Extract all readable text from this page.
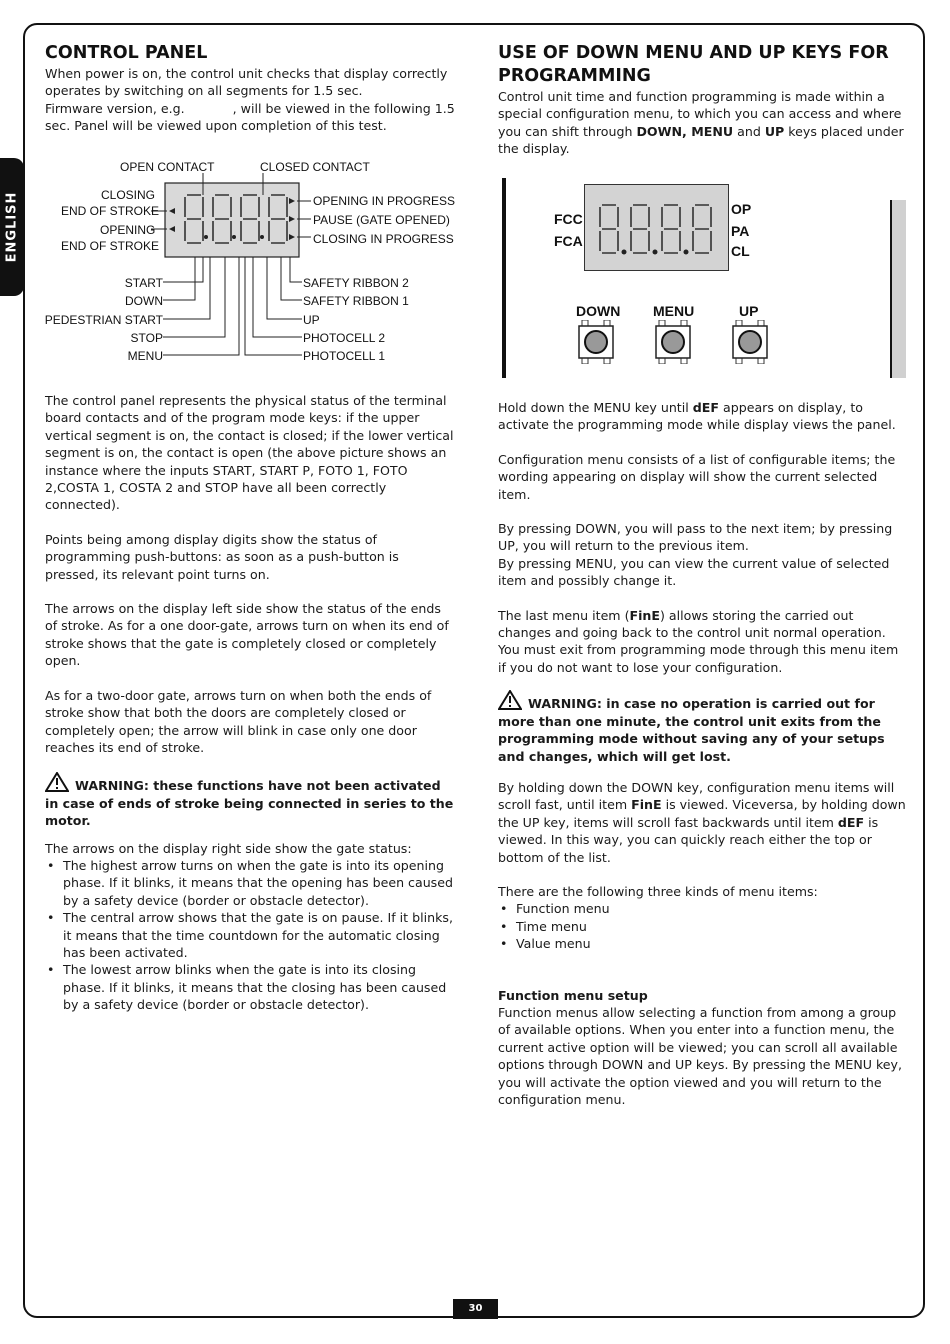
ENGLISH
CONTROL PANEL

When power is on, the control unit checks that display correctly operates by switching on all segments for 1.5 sec.

Firmware version, e.g.            , will be viewed in the following 1.5 sec. Panel will be viewed upon completion of this test.

OPEN CONTACT	CLOSED CONTACT
CLOSING
END OF STROKE
OPENING
END OF STROKE
OPENING IN PROGRESS
PAUSE (GATE OPENED)
CLOSING IN PROGRESS
START
DOWN
PEDESTRIAN START
STOP
MENU
SAFETY RIBBON 2
SAFETY RIBBON 1
UP
PHOTOCELL 2
PHOTOCELL 1

The control panel represents the physical status of the terminal board contacts and of the program mode keys: if the upper vertical segment is on, the contact is closed; if the lower vertical segment is on, the contact is open (the above picture shows an instance where the inputs START, START P, FOTO 1, FOTO 2,COSTA 1, COSTA 2 and STOP have all been correctly connected).

Points being among display digits show the status of programming push-buttons: as soon as a push-button is pressed, its relevant point turns on.

The arrows on the display left side show the status of the ends of stroke. As for a one door-gate, arrows turn on when its end of stroke shows that the gate is completely closed or completely open.

As for a two-door gate, arrows turn on when both the ends of stroke show that both the doors are completely closed or completely open; the arrow will blink in case only one door reaches its end of stroke.

WARNING: these functions have not been activated in case of ends of stroke being connected in series to the motor.

The arrows on the display right side show the gate status:

• The highest arrow turns on when the gate is into its opening phase. If it blinks, it means that the opening has been caused by a safety device (border or obstacle detector).
• The central arrow shows that the gate is on pause. If it blinks, it means that the time countdown for the automatic closing has been activated.
• The lowest arrow blinks when the gate is into its closing phase. If it blinks, it means that the closing has been caused by a safety device (border or obstacle detector).
USE OF DOWN MENU AND UP KEYS FOR PROGRAMMING

Control unit time and function programming is made within a special configuration menu, to which you can access and where you can shift through DOWN, MENU and UP keys placed under the display.

FCC
FCA
OP
PA
CL
DOWN MENU	UP

Hold down the MENU key until dEF appears on display, to activate the programming mode while display views the panel.

Configuration menu consists of a list of configurable items; the wording appearing on display will show the current selected item.

By pressing DOWN, you will pass to the next item; by pressing UP, you will return to the previous item.

By pressing MENU, you can view the current value of selected item and possibly change it.

The last menu item (FinE) allows storing the carried out changes and going back to the control unit normal operation. You must exit from programming mode through this menu item if you do not want to lose your configuration.

WARNING: in case no operation is carried out for more than one minute, the control unit exits from the programming mode without saving any of your setups and changes, which will get lost.

By holding down the DOWN key, configuration menu items will scroll fast, until item FinE is viewed. Viceversa, by holding down the UP key, items will scroll fast backwards until item dEF is viewed. In this way, you can quickly reach either the top or bottom of the list.

There are the following three kinds of menu items:

• Function menu
• Time menu
• Value menu

Function menu setup

Function menus allow selecting a function from among a group of available options. When you enter into a function menu, the current active option will be viewed; you can scroll all available options through DOWN and UP keys. By pressing the MENU key, you will activate the option viewed and you will return to the configuration menu.

30
